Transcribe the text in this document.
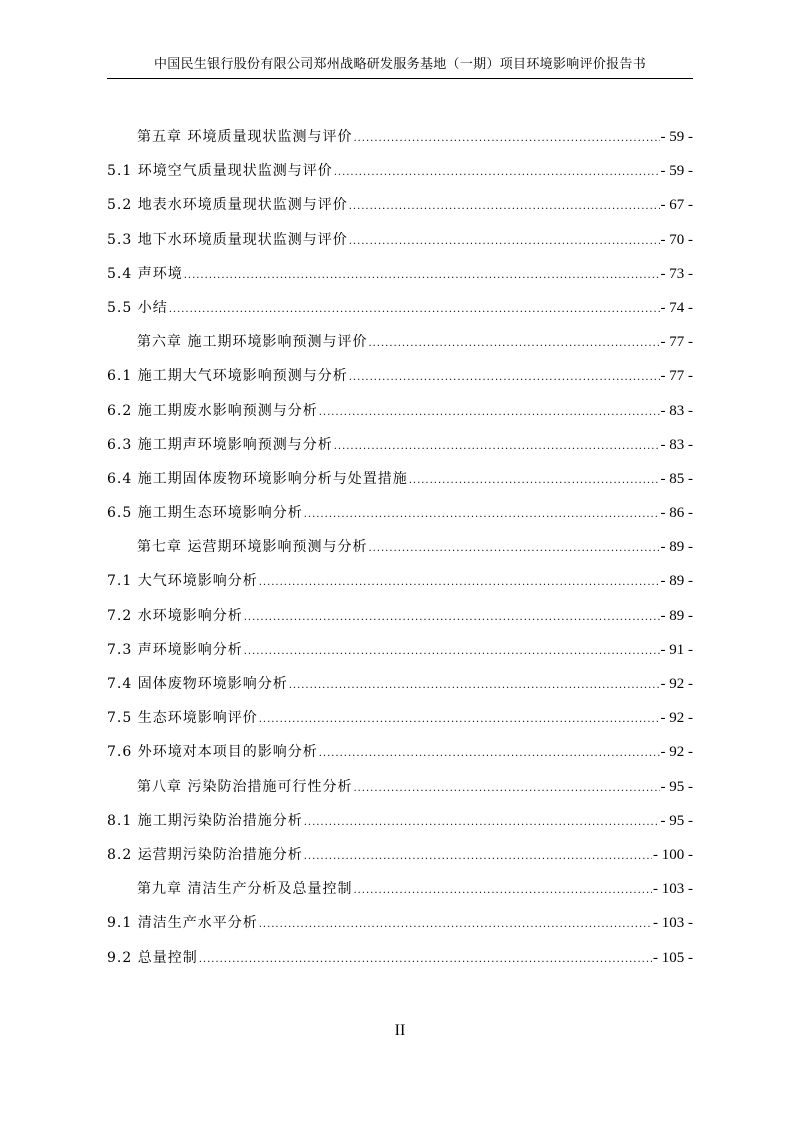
中国民生银行股份有限公司郑州战略研发服务基地（一期）项目环境影响评价报告书
第五章 环境质量现状监测与评价 .....	- 59 -
5.1 环境空气质量现状监测与评价 .....	- 59 -
5.2 地表水环境质量现状监测与评价 .....	- 67 -
5.3 地下水环境质量现状监测与评价 .....	- 70 -
5.4 声环境 .....	- 73 -
5.5 小结 .....	- 74 -
第六章 施工期环境影响预测与评价 .....	- 77 -
6.1 施工期大气环境影响预测与分析 .....	- 77 -
6.2 施工期废水影响预测与分析 .....	- 83 -
6.3 施工期声环境影响预测与分析 .....	- 83 -
6.4 施工期固体废物环境影响分析与处置措施 .....	- 85 -
6.5 施工期生态环境影响分析 .....	- 86 -
第七章 运营期环境影响预测与分析 .....	- 89 -
7.1 大气环境影响分析 .....	- 89 -
7.2 水环境影响分析 .....	- 89 -
7.3 声环境影响分析 .....	- 91 -
7.4 固体废物环境影响分析 .....	- 92 -
7.5 生态环境影响评价 .....	- 92 -
7.6 外环境对本项目的影响分析 .....	- 92 -
第八章 污染防治措施可行性分析 .....	- 95 -
8.1 施工期污染防治措施分析 .....	- 95 -
8.2 运营期污染防治措施分析 .....	- 100 -
第九章 清洁生产分析及总量控制 .....	- 103 -
9.1 清洁生产水平分析 .....	- 103 -
9.2 总量控制 .....	- 105 -
II
